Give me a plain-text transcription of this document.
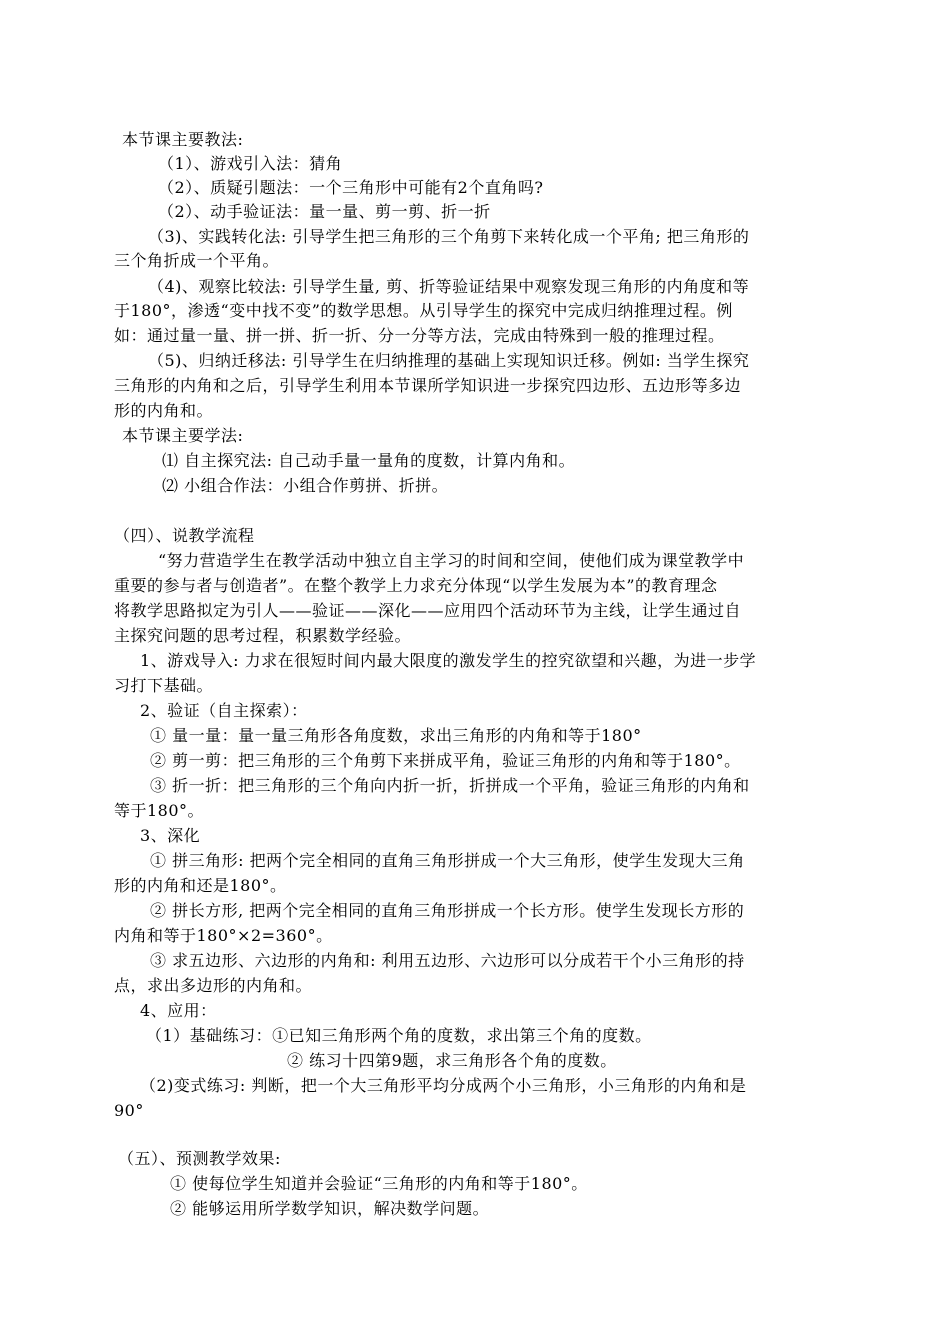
本节课主要教法:

（1）、游戏引入法：猜角

（2）、质疑引题法：一个三角形中可能有2个直角吗?

（2）、动手验证法：量一量、剪一剪、折一折

（3)、实践转化法: 引导学生把三角形的三个角剪下来转化成一个平角; 把三角形的

三个角折成一个平角。

（4)、观察比较法: 引导学生量, 剪、折等验证结果中观察发现三角形的内角度和等

于180°，渗透“变中找不变”的数学思想。从引导学生的探究中完成归纳推理过程。例

如：通过量一量、拼一拼、折一折、分一分等方法，完成由特殊到一般的推理过程。

（5)、归纳迁移法: 引导学生在归纳推理的基础上实现知识迁移。例如: 当学生探究

三角形的内角和之后，引导学生利用本节课所学知识进一步探究四边形、五边形等多边

形的内角和。

本节课主要学法:

⑴ 自主探究法: 自己动手量一量角的度数，计算内角和。

⑵ 小组合作法：小组合作剪拼、折拼。

（四）、说教学流程

“努力营造学生在教学活动中独立自主学习的时间和空间，使他们成为课堂教学中

重要的参与者与创造者”。在整个教学上力求充分体现“以学生发展为本”的教育理念

将教学思路拟定为引人——验证——深化——应用四个活动环节为主线，让学生通过自

主探究问题的思考过程，积累数学经验。

1、游戏导入: 力求在很短时间内最大限度的激发学生的控究欲望和兴趣，为进一步学

习打下基础。

2、验证（自主探索）：

① 量一量：量一量三角形各角度数，求出三角形的内角和等于180°

② 剪一剪：把三角形的三个角剪下来拼成平角，验证三角形的内角和等于180°。

③ 折一折：把三角形的三个角向内折一折，折拼成一个平角，验证三角形的内角和

等于180°。

3、深化

① 拼三角形: 把两个完全相同的直角三角形拼成一个大三角形，使学生发现大三角

形的内角和还是180°。

② 拼长方形, 把两个完全相同的直角三角形拼成一个长方形。使学生发现长方形的

内角和等于180°×2=360°。

③ 求五边形、六边形的内角和: 利用五边形、六边形可以分成若干个小三角形的持

点，求出多边形的内角和。

4、应用：

（1）基础练习：①已知三角形两个角的度数，求出第三个角的度数。

② 练习十四第9题，求三角形各个角的度数。

（2)变式练习: 判断，把一个大三角形平均分成两个小三角形，小三角形的内角和是

90°

（五）、预测教学效果:

① 使每位学生知道并会验证“三角形的内角和等于180°。

② 能够运用所学数学知识，解决数学问题。
